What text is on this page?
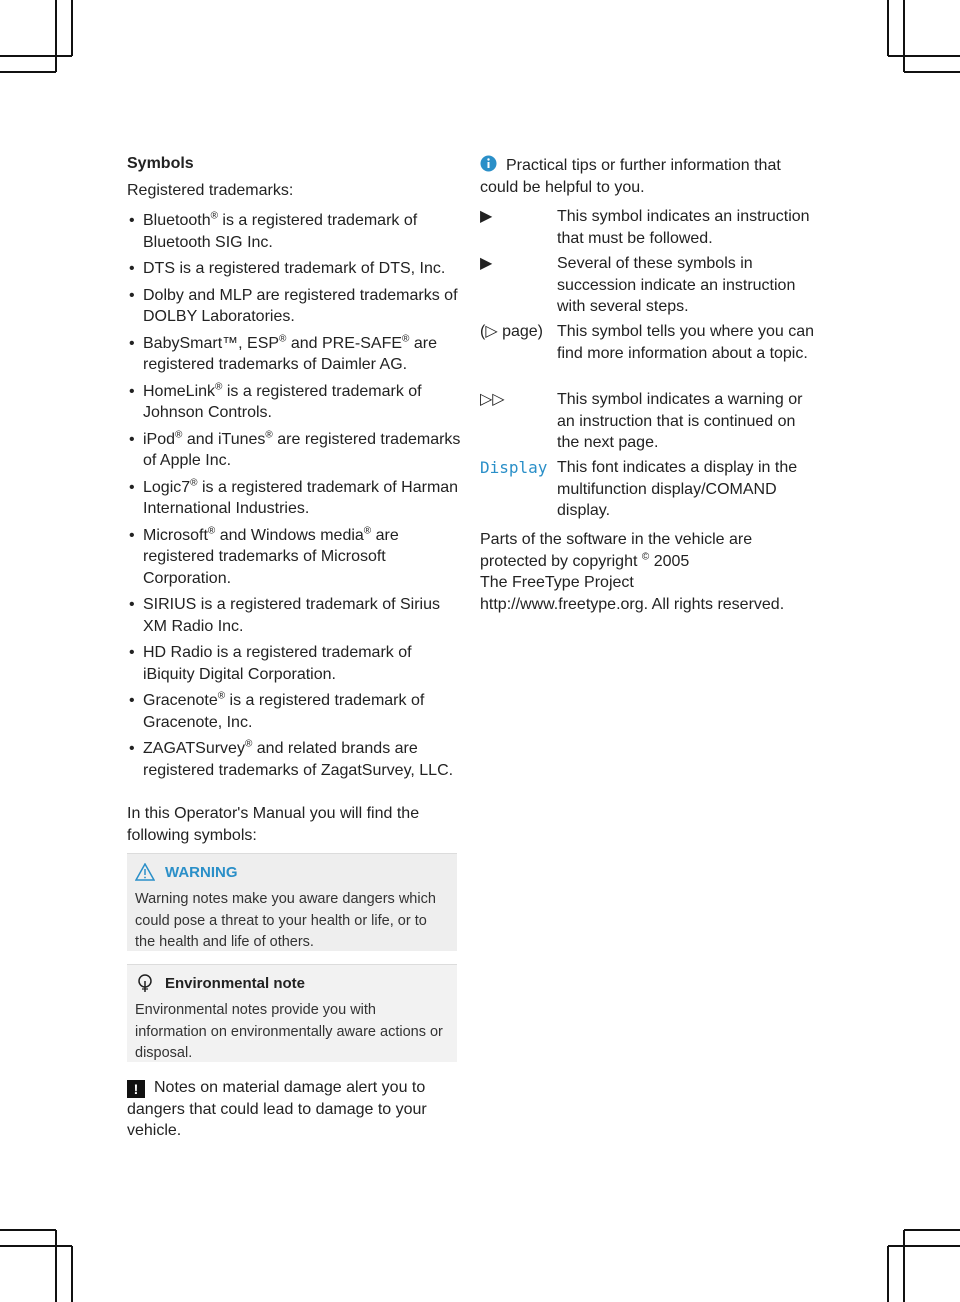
Symbols
Registered trademarks:
• Bluetooth® is a registered trademark of Bluetooth SIG Inc.
• DTS is a registered trademark of DTS, Inc.
• Dolby and MLP are registered trademarks of DOLBY Laboratories.
• BabySmart™, ESP® and PRE-SAFE® are registered trademarks of Daimler AG.
• HomeLink® is a registered trademark of Johnson Controls.
• iPod® and iTunes® are registered trademarks of Apple Inc.
• Logic7® is a registered trademark of Harman International Industries.
• Microsoft® and Windows media® are registered trademarks of Microsoft Corporation.
• SIRIUS is a registered trademark of Sirius XM Radio Inc.
• HD Radio is a registered trademark of iBiquity Digital Corporation.
• Gracenote® is a registered trademark of Gracenote, Inc.
• ZAGATSurvey® and related brands are registered trademarks of ZagatSurvey, LLC.
In this Operator's Manual you will find the following symbols:
WARNING
Warning notes make you aware dangers which could pose a threat to your health or life, or to the health and life of others.
Environmental note
Environmental notes provide you with information on environmentally aware actions or disposal.
! Notes on material damage alert you to dangers that could lead to damage to your vehicle.
Practical tips or further information that could be helpful to you.
▶	This symbol indicates an instruction that must be followed.
▶	Several of these symbols in succession indicate an instruction with several steps.
(▷ page) This symbol tells you where you can find more information about a topic.
▷▷	This symbol indicates a warning or an instruction that is continued on the next page.
Display This font indicates a display in the multifunction display/COMAND display.
Parts of the software in the vehicle are protected by copyright © 2005
The FreeType Project
http://www.freetype.org. All rights reserved.
